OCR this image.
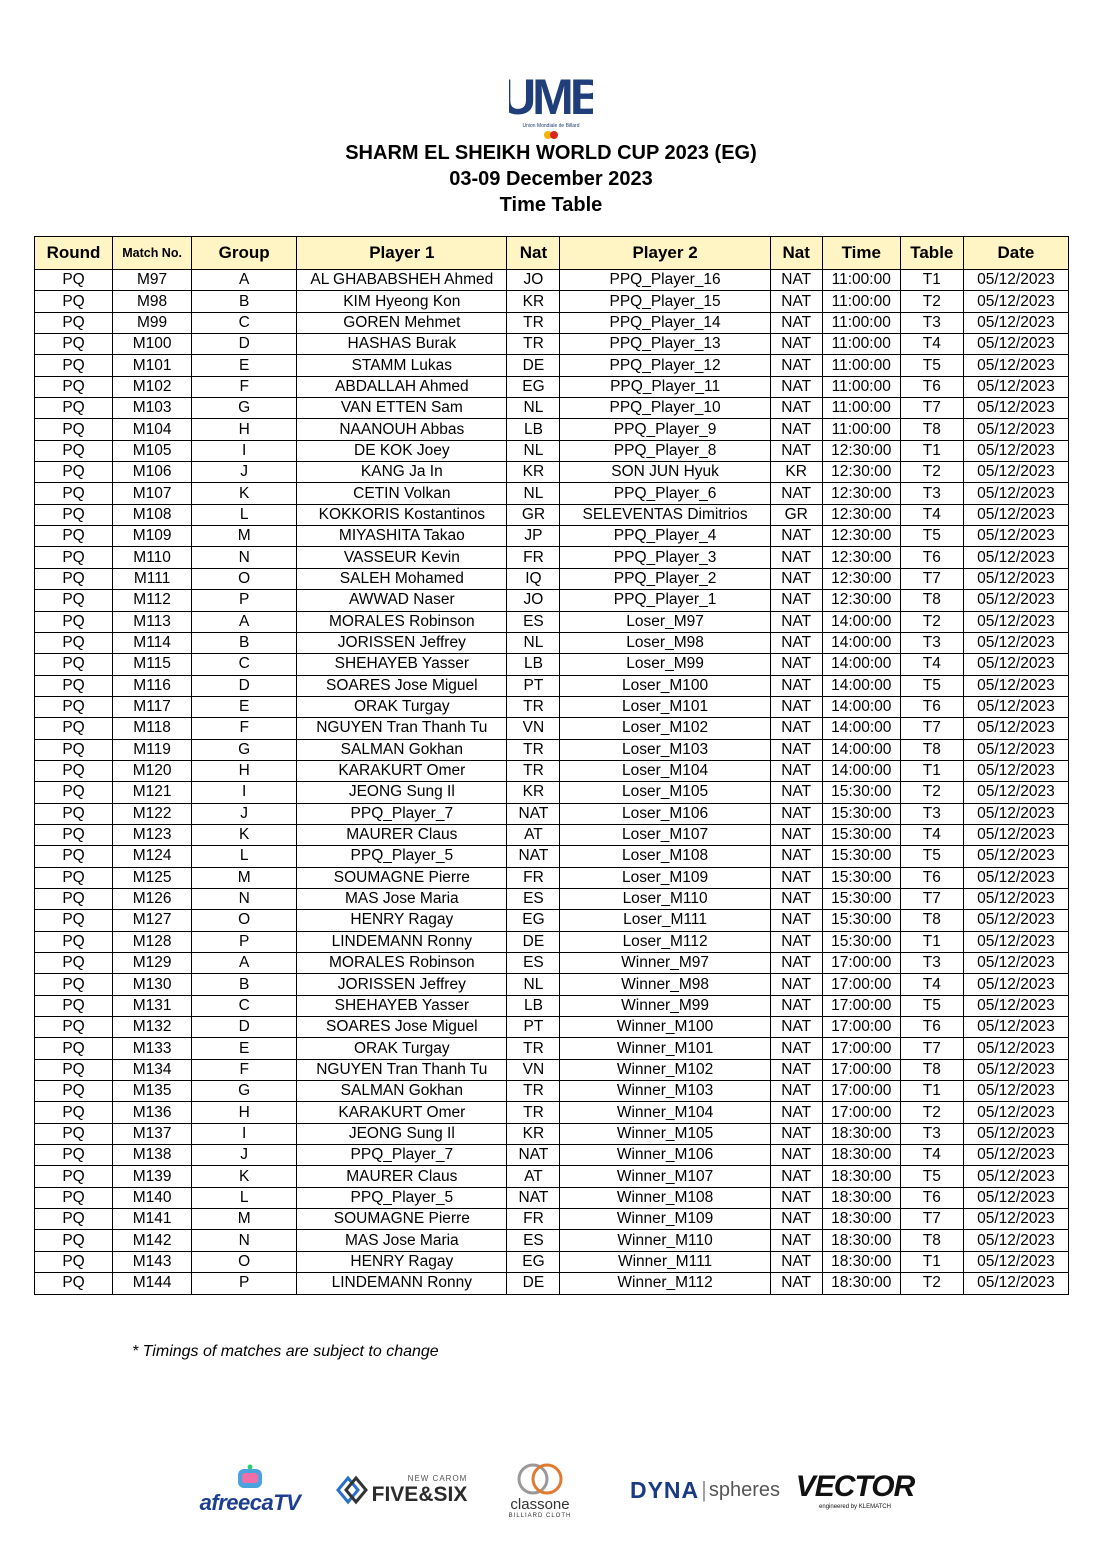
UMB
Union Mondiale de Billard
SHARM EL SHEIKH WORLD CUP 2023 (EG)
03-09 December 2023
Time Table
Round	Match No.	Group	Player 1	Nat	Player 2	Nat	Time	Table	Date
PQ	M97	A	AL GHABABSHEH Ahmed	JO	PPQ_Player_16	NAT	11:00:00	T1	05/12/2023
PQ	M98	B	KIM Hyeong Kon	KR	PPQ_Player_15	NAT	11:00:00	T2	05/12/2023
PQ	M99	C	GOREN Mehmet	TR	PPQ_Player_14	NAT	11:00:00	T3	05/12/2023
PQ	M100	D	HASHAS Burak	TR	PPQ_Player_13	NAT	11:00:00	T4	05/12/2023
PQ	M101	E	STAMM Lukas	DE	PPQ_Player_12	NAT	11:00:00	T5	05/12/2023
PQ	M102	F	ABDALLAH Ahmed	EG	PPQ_Player_11	NAT	11:00:00	T6	05/12/2023
PQ	M103	G	VAN ETTEN Sam	NL	PPQ_Player_10	NAT	11:00:00	T7	05/12/2023
PQ	M104	H	NAANOUH Abbas	LB	PPQ_Player_9	NAT	11:00:00	T8	05/12/2023
PQ	M105	I	DE KOK Joey	NL	PPQ_Player_8	NAT	12:30:00	T1	05/12/2023
PQ	M106	J	KANG Ja In	KR	SON JUN Hyuk	KR	12:30:00	T2	05/12/2023
PQ	M107	K	CETIN Volkan	NL	PPQ_Player_6	NAT	12:30:00	T3	05/12/2023
PQ	M108	L	KOKKORIS Kostantinos	GR	SELEVENTAS Dimitrios	GR	12:30:00	T4	05/12/2023
PQ	M109	M	MIYASHITA Takao	JP	PPQ_Player_4	NAT	12:30:00	T5	05/12/2023
PQ	M110	N	VASSEUR Kevin	FR	PPQ_Player_3	NAT	12:30:00	T6	05/12/2023
PQ	M111	O	SALEH Mohamed	IQ	PPQ_Player_2	NAT	12:30:00	T7	05/12/2023
PQ	M112	P	AWWAD Naser	JO	PPQ_Player_1	NAT	12:30:00	T8	05/12/2023
PQ	M113	A	MORALES Robinson	ES	Loser_M97	NAT	14:00:00	T2	05/12/2023
PQ	M114	B	JORISSEN Jeffrey	NL	Loser_M98	NAT	14:00:00	T3	05/12/2023
PQ	M115	C	SHEHAYEB Yasser	LB	Loser_M99	NAT	14:00:00	T4	05/12/2023
PQ	M116	D	SOARES Jose Miguel	PT	Loser_M100	NAT	14:00:00	T5	05/12/2023
PQ	M117	E	ORAK Turgay	TR	Loser_M101	NAT	14:00:00	T6	05/12/2023
PQ	M118	F	NGUYEN Tran Thanh Tu	VN	Loser_M102	NAT	14:00:00	T7	05/12/2023
PQ	M119	G	SALMAN Gokhan	TR	Loser_M103	NAT	14:00:00	T8	05/12/2023
PQ	M120	H	KARAKURT Omer	TR	Loser_M104	NAT	14:00:00	T1	05/12/2023
PQ	M121	I	JEONG Sung Il	KR	Loser_M105	NAT	15:30:00	T2	05/12/2023
PQ	M122	J	PPQ_Player_7	NAT	Loser_M106	NAT	15:30:00	T3	05/12/2023
PQ	M123	K	MAURER Claus	AT	Loser_M107	NAT	15:30:00	T4	05/12/2023
PQ	M124	L	PPQ_Player_5	NAT	Loser_M108	NAT	15:30:00	T5	05/12/2023
PQ	M125	M	SOUMAGNE Pierre	FR	Loser_M109	NAT	15:30:00	T6	05/12/2023
PQ	M126	N	MAS Jose Maria	ES	Loser_M110	NAT	15:30:00	T7	05/12/2023
PQ	M127	O	HENRY Ragay	EG	Loser_M111	NAT	15:30:00	T8	05/12/2023
PQ	M128	P	LINDEMANN Ronny	DE	Loser_M112	NAT	15:30:00	T1	05/12/2023
PQ	M129	A	MORALES Robinson	ES	Winner_M97	NAT	17:00:00	T3	05/12/2023
PQ	M130	B	JORISSEN Jeffrey	NL	Winner_M98	NAT	17:00:00	T4	05/12/2023
PQ	M131	C	SHEHAYEB Yasser	LB	Winner_M99	NAT	17:00:00	T5	05/12/2023
PQ	M132	D	SOARES Jose Miguel	PT	Winner_M100	NAT	17:00:00	T6	05/12/2023
PQ	M133	E	ORAK Turgay	TR	Winner_M101	NAT	17:00:00	T7	05/12/2023
PQ	M134	F	NGUYEN Tran Thanh Tu	VN	Winner_M102	NAT	17:00:00	T8	05/12/2023
PQ	M135	G	SALMAN Gokhan	TR	Winner_M103	NAT	17:00:00	T1	05/12/2023
PQ	M136	H	KARAKURT Omer	TR	Winner_M104	NAT	17:00:00	T2	05/12/2023
PQ	M137	I	JEONG Sung Il	KR	Winner_M105	NAT	18:30:00	T3	05/12/2023
PQ	M138	J	PPQ_Player_7	NAT	Winner_M106	NAT	18:30:00	T4	05/12/2023
PQ	M139	K	MAURER Claus	AT	Winner_M107	NAT	18:30:00	T5	05/12/2023
PQ	M140	L	PPQ_Player_5	NAT	Winner_M108	NAT	18:30:00	T6	05/12/2023
PQ	M141	M	SOUMAGNE Pierre	FR	Winner_M109	NAT	18:30:00	T7	05/12/2023
PQ	M142	N	MAS Jose Maria	ES	Winner_M110	NAT	18:30:00	T8	05/12/2023
PQ	M143	O	HENRY Ragay	EG	Winner_M111	NAT	18:30:00	T1	05/12/2023
PQ	M144	P	LINDEMANN Ronny	DE	Winner_M112	NAT	18:30:00	T2	05/12/2023
* Timings of matches are subject to change
afreecaTV
NEW CAROM
FIVE&SIX	classone
BILLIARD CLOTH
DYNA | spheres VECTOR
engineered by KLEMATCH
